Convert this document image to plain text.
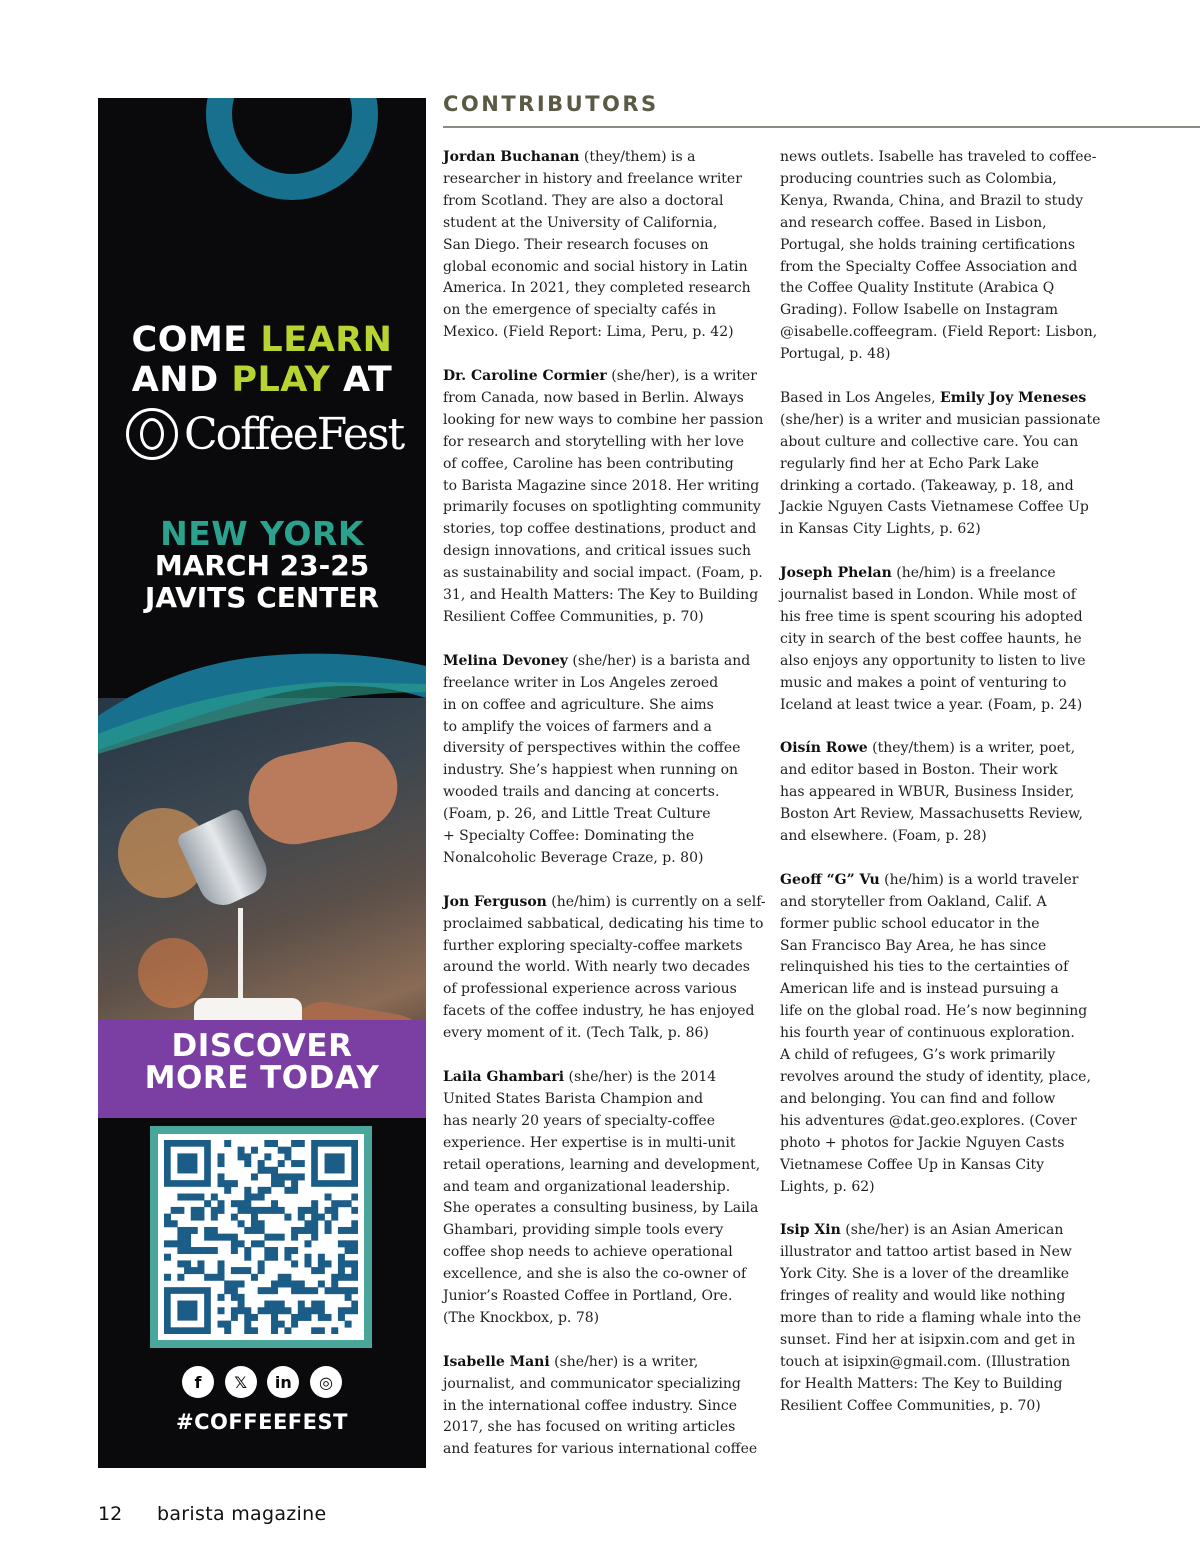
COME LEARN
AND PLAY AT
CoffeeFest
NEW YORK
MARCH 23-25
JAVITS CENTER
DISCOVER
MORE TODAY
f	𝕏	in	◎
#COFFEEFEST
CONTRIBUTORS

Jordan Buchanan (they/them) is a
researcher in history and freelance writer
from Scotland. They are also a doctoral
student at the University of California,
San Diego. Their research focuses on
global economic and social history in Latin
America. In 2021, they completed research
on the emergence of specialty cafés in
Mexico. (Field Report: Lima, Peru, p. 42)

Dr. Caroline Cormier (she/her), is a writer
from Canada, now based in Berlin. Always
looking for new ways to combine her passion
for research and storytelling with her love
of coffee, Caroline has been contributing
to Barista Magazine since 2018. Her writing
primarily focuses on spotlighting community
stories, top coffee destinations, product and
design innovations, and critical issues such
as sustainability and social impact. (Foam, p.
31, and Health Matters: The Key to Building
Resilient Coffee Communities, p. 70)

Melina Devoney (she/her) is a barista and
freelance writer in Los Angeles zeroed
in on coffee and agriculture. She aims
to amplify the voices of farmers and a
diversity of perspectives within the coffee
industry. She’s happiest when running on
wooded trails and dancing at concerts.
(Foam, p. 26, and Little Treat Culture
+ Specialty Coffee: Dominating the
Nonalcoholic Beverage Craze, p. 80)

Jon Ferguson (he/him) is currently on a self-
proclaimed sabbatical, dedicating his time to
further exploring specialty-coffee markets
around the world. With nearly two decades
of professional experience across various
facets of the coffee industry, he has enjoyed
every moment of it. (Tech Talk, p. 86)

Laila Ghambari (she/her) is the 2014
United States Barista Champion and
has nearly 20 years of specialty-coffee
experience. Her expertise is in multi-unit
retail operations, learning and development,
and team and organizational leadership.
She operates a consulting business, by Laila
Ghambari, providing simple tools every
coffee shop needs to achieve operational
excellence, and she is also the co-owner of
Junior’s Roasted Coffee in Portland, Ore.
(The Knockbox, p. 78)

Isabelle Mani (she/her) is a writer,
journalist, and communicator specializing
in the international coffee industry. Since
2017, she has focused on writing articles
and features for various international coffee

news outlets. Isabelle has traveled to coffee-
producing countries such as Colombia,
Kenya, Rwanda, China, and Brazil to study
and research coffee. Based in Lisbon,
Portugal, she holds training certifications
from the Specialty Coffee Association and
the Coffee Quality Institute (Arabica Q
Grading). Follow Isabelle on Instagram
@isabelle.coffeegram. (Field Report: Lisbon,
Portugal, p. 48)

Based in Los Angeles, Emily Joy Meneses
(she/her) is a writer and musician passionate
about culture and collective care. You can
regularly find her at Echo Park Lake
drinking a cortado. (Takeaway, p. 18, and
Jackie Nguyen Casts Vietnamese Coffee Up
in Kansas City Lights, p. 62)

Joseph Phelan (he/him) is a freelance
journalist based in London. While most of
his free time is spent scouring his adopted
city in search of the best coffee haunts, he
also enjoys any opportunity to listen to live
music and makes a point of venturing to
Iceland at least twice a year. (Foam, p. 24)

Oisín Rowe (they/them) is a writer, poet,
and editor based in Boston. Their work
has appeared in WBUR, Business Insider,
Boston Art Review, Massachusetts Review,
and elsewhere. (Foam, p. 28)

Geoff “G” Vu (he/him) is a world traveler
and storyteller from Oakland, Calif. A
former public school educator in the
San Francisco Bay Area, he has since
relinquished his ties to the certainties of
American life and is instead pursuing a
life on the global road. He’s now beginning
his fourth year of continuous exploration.
A child of refugees, G’s work primarily
revolves around the study of identity, place,
and belonging. You can find and follow
his adventures @dat.geo.explores. (Cover
photo + photos for Jackie Nguyen Casts
Vietnamese Coffee Up in Kansas City
Lights, p. 62)

Isip Xin (she/her) is an Asian American
illustrator and tattoo artist based in New
York City. She is a lover of the dreamlike
fringes of reality and would like nothing
more than to ride a flaming whale into the
sunset. Find her at isipxin.com and get in
touch at isipxin@gmail.com. (Illustration
for Health Matters: The Key to Building
Resilient Coffee Communities, p. 70)

12 barista magazine
